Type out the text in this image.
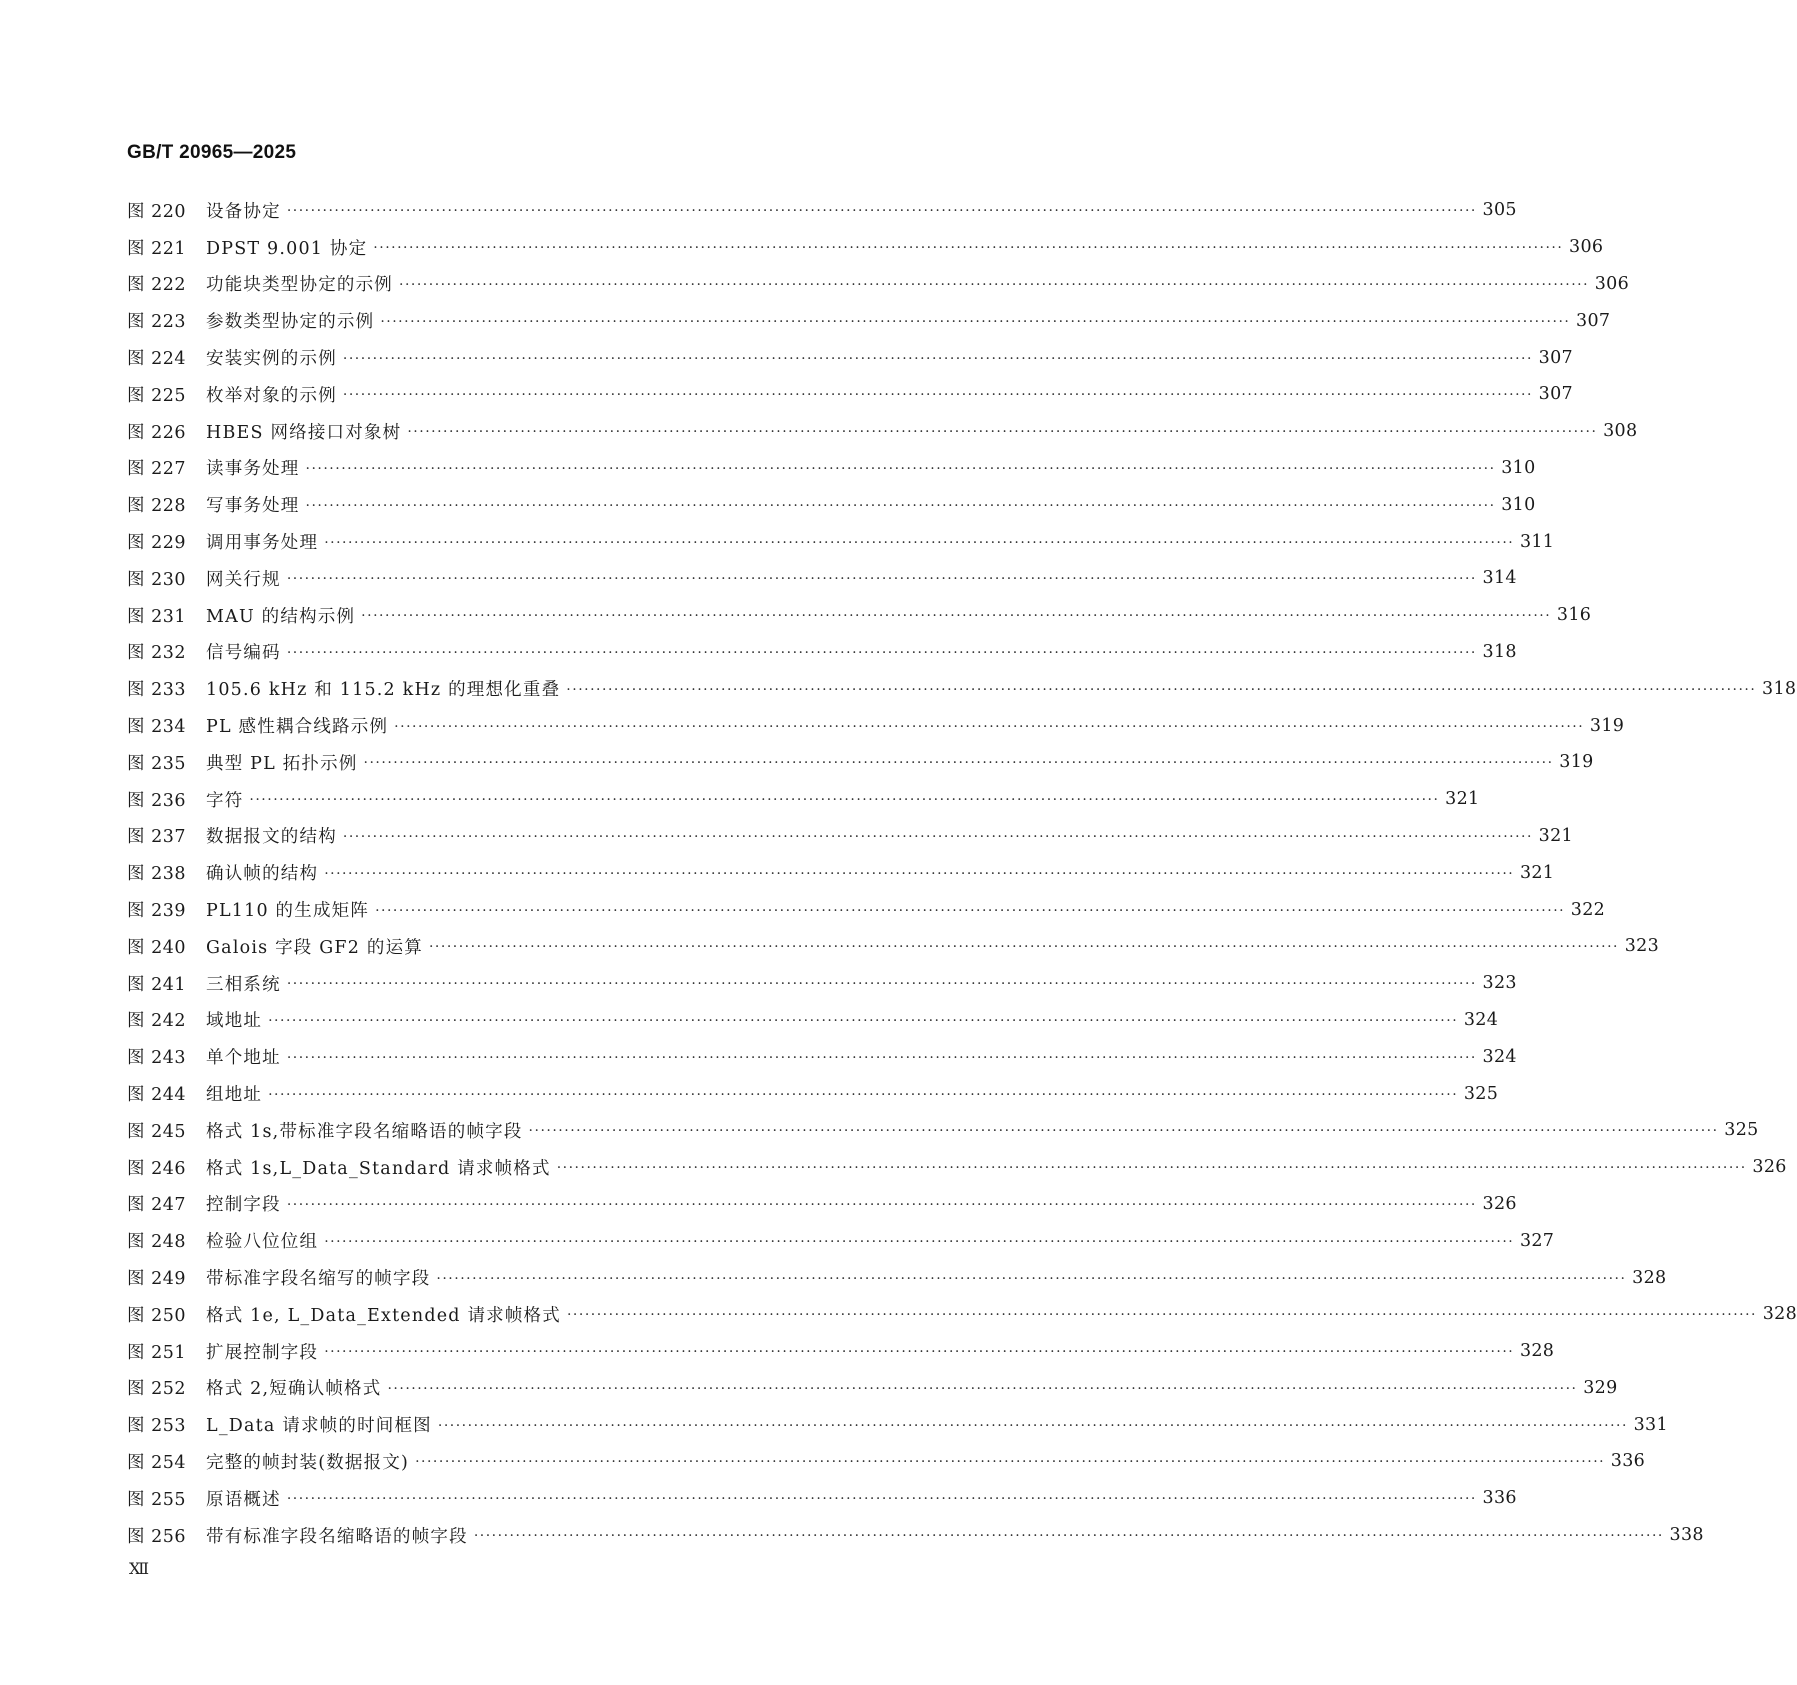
GB/T 20965—2025
图 220	设备协定 ········································································································································································································ 305
图 221	DPST 9.001 协定 ········································································································································································································ 306
图 222	功能块类型协定的示例 ········································································································································································································ 306
图 223	参数类型协定的示例 ········································································································································································································ 307
图 224	安装实例的示例 ········································································································································································································ 307
图 225	枚举对象的示例 ········································································································································································································ 307
图 226	HBES 网络接口对象树 ········································································································································································································ 308
图 227	读事务处理 ········································································································································································································ 310
图 228	写事务处理 ········································································································································································································ 310
图 229	调用事务处理 ········································································································································································································ 311
图 230	网关行规 ········································································································································································································ 314
图 231	MAU 的结构示例 ········································································································································································································ 316
图 232	信号编码 ········································································································································································································ 318
图 233	105.6 kHz 和 115.2 kHz 的理想化重叠 ········································································································································································································ 318
图 234	PL 感性耦合线路示例 ········································································································································································································ 319
图 235	典型 PL 拓扑示例 ········································································································································································································ 319
图 236	字符 ········································································································································································································ 321
图 237	数据报文的结构 ········································································································································································································ 321
图 238	确认帧的结构 ········································································································································································································ 321
图 239	PL110 的生成矩阵 ········································································································································································································ 322
图 240	Galois 字段 GF2 的运算 ········································································································································································································ 323
图 241	三相系统 ········································································································································································································ 323
图 242	域地址 ········································································································································································································ 324
图 243	单个地址 ········································································································································································································ 324
图 244	组地址 ········································································································································································································ 325
图 245	格式 1s,带标准字段名缩略语的帧字段 ········································································································································································································ 325
图 246	格式 1s,L_Data_Standard 请求帧格式 ········································································································································································································ 326
图 247	控制字段 ········································································································································································································ 326
图 248	检验八位位组 ········································································································································································································ 327
图 249	带标准字段名缩写的帧字段 ········································································································································································································ 328
图 250	格式 1e, L_Data_Extended 请求帧格式 ········································································································································································································ 328
图 251	扩展控制字段 ········································································································································································································ 328
图 252	格式 2,短确认帧格式 ········································································································································································································ 329
图 253	L_Data 请求帧的时间框图 ········································································································································································································ 331
图 254	完整的帧封装(数据报文) ········································································································································································································ 336
图 255	原语概述 ········································································································································································································ 336
图 256	带有标准字段名缩略语的帧字段 ········································································································································································································ 338
Ⅻ
